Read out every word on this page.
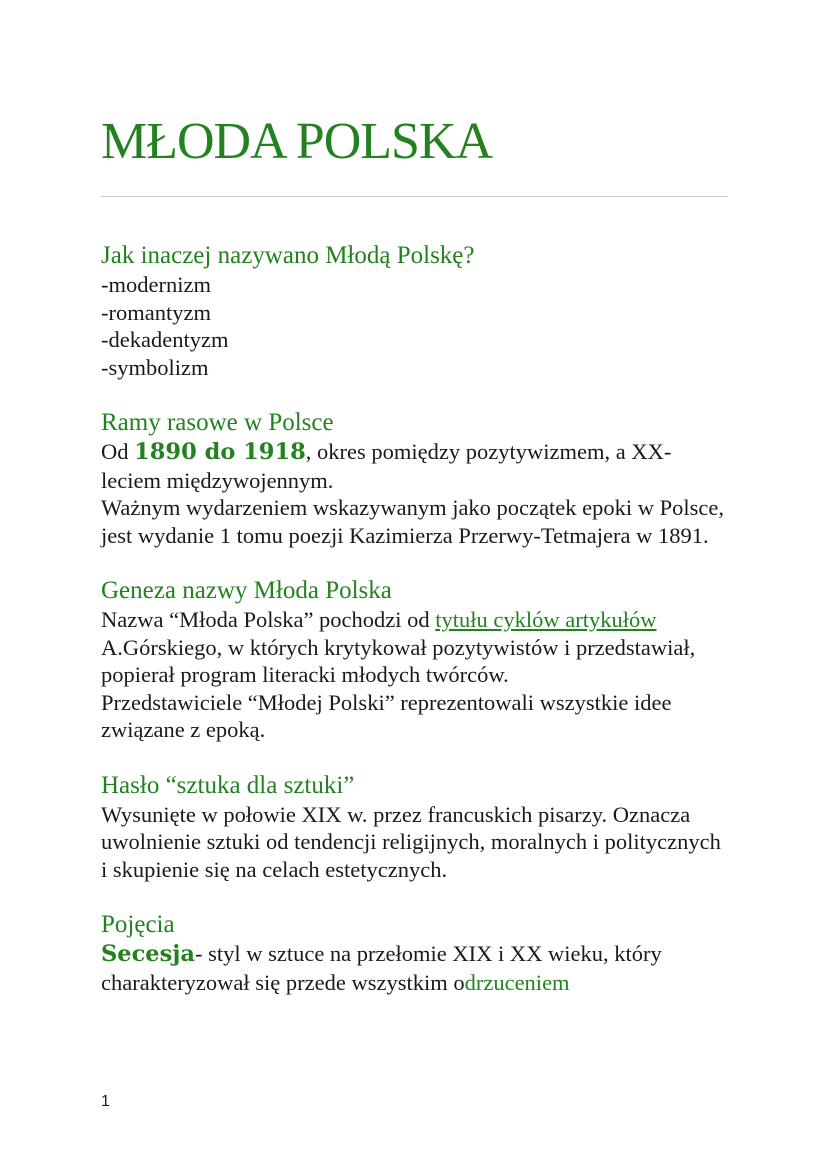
MŁODA POLSKA
Jak inaczej nazywano Młodą Polskę?

-modernizm

-romantyzm

-dekadentyzm

-symbolizm

Ramy rasowe w Polsce

Od 1890 do 1918, okres pomiędzy pozytywizmem, a XX-leciem międzywojennym.

Ważnym wydarzeniem wskazywanym jako początek epoki w Polsce, jest wydanie 1 tomu poezji Kazimierza Przerwy-Tetmajera w 1891.

Geneza nazwy Młoda Polska

Nazwa “Młoda Polska” pochodzi od tytułu cyklów artykułów A.Górskiego, w których krytykował pozytywistów i przedstawiał, popierał program literacki młodych twórców.

Przedstawiciele “Młodej Polski” reprezentowali wszystkie idee związane z epoką.

Hasło “sztuka dla sztuki”

Wysunięte w połowie XIX w. przez francuskich pisarzy. Oznacza uwolnienie sztuki od tendencji religijnych, moralnych i politycznych i skupienie się na celach estetycznych.

Pojęcia

Secesja- styl w sztuce na przełomie XIX i XX wieku, który charakteryzował się przede wszystkim odrzuceniem

1
